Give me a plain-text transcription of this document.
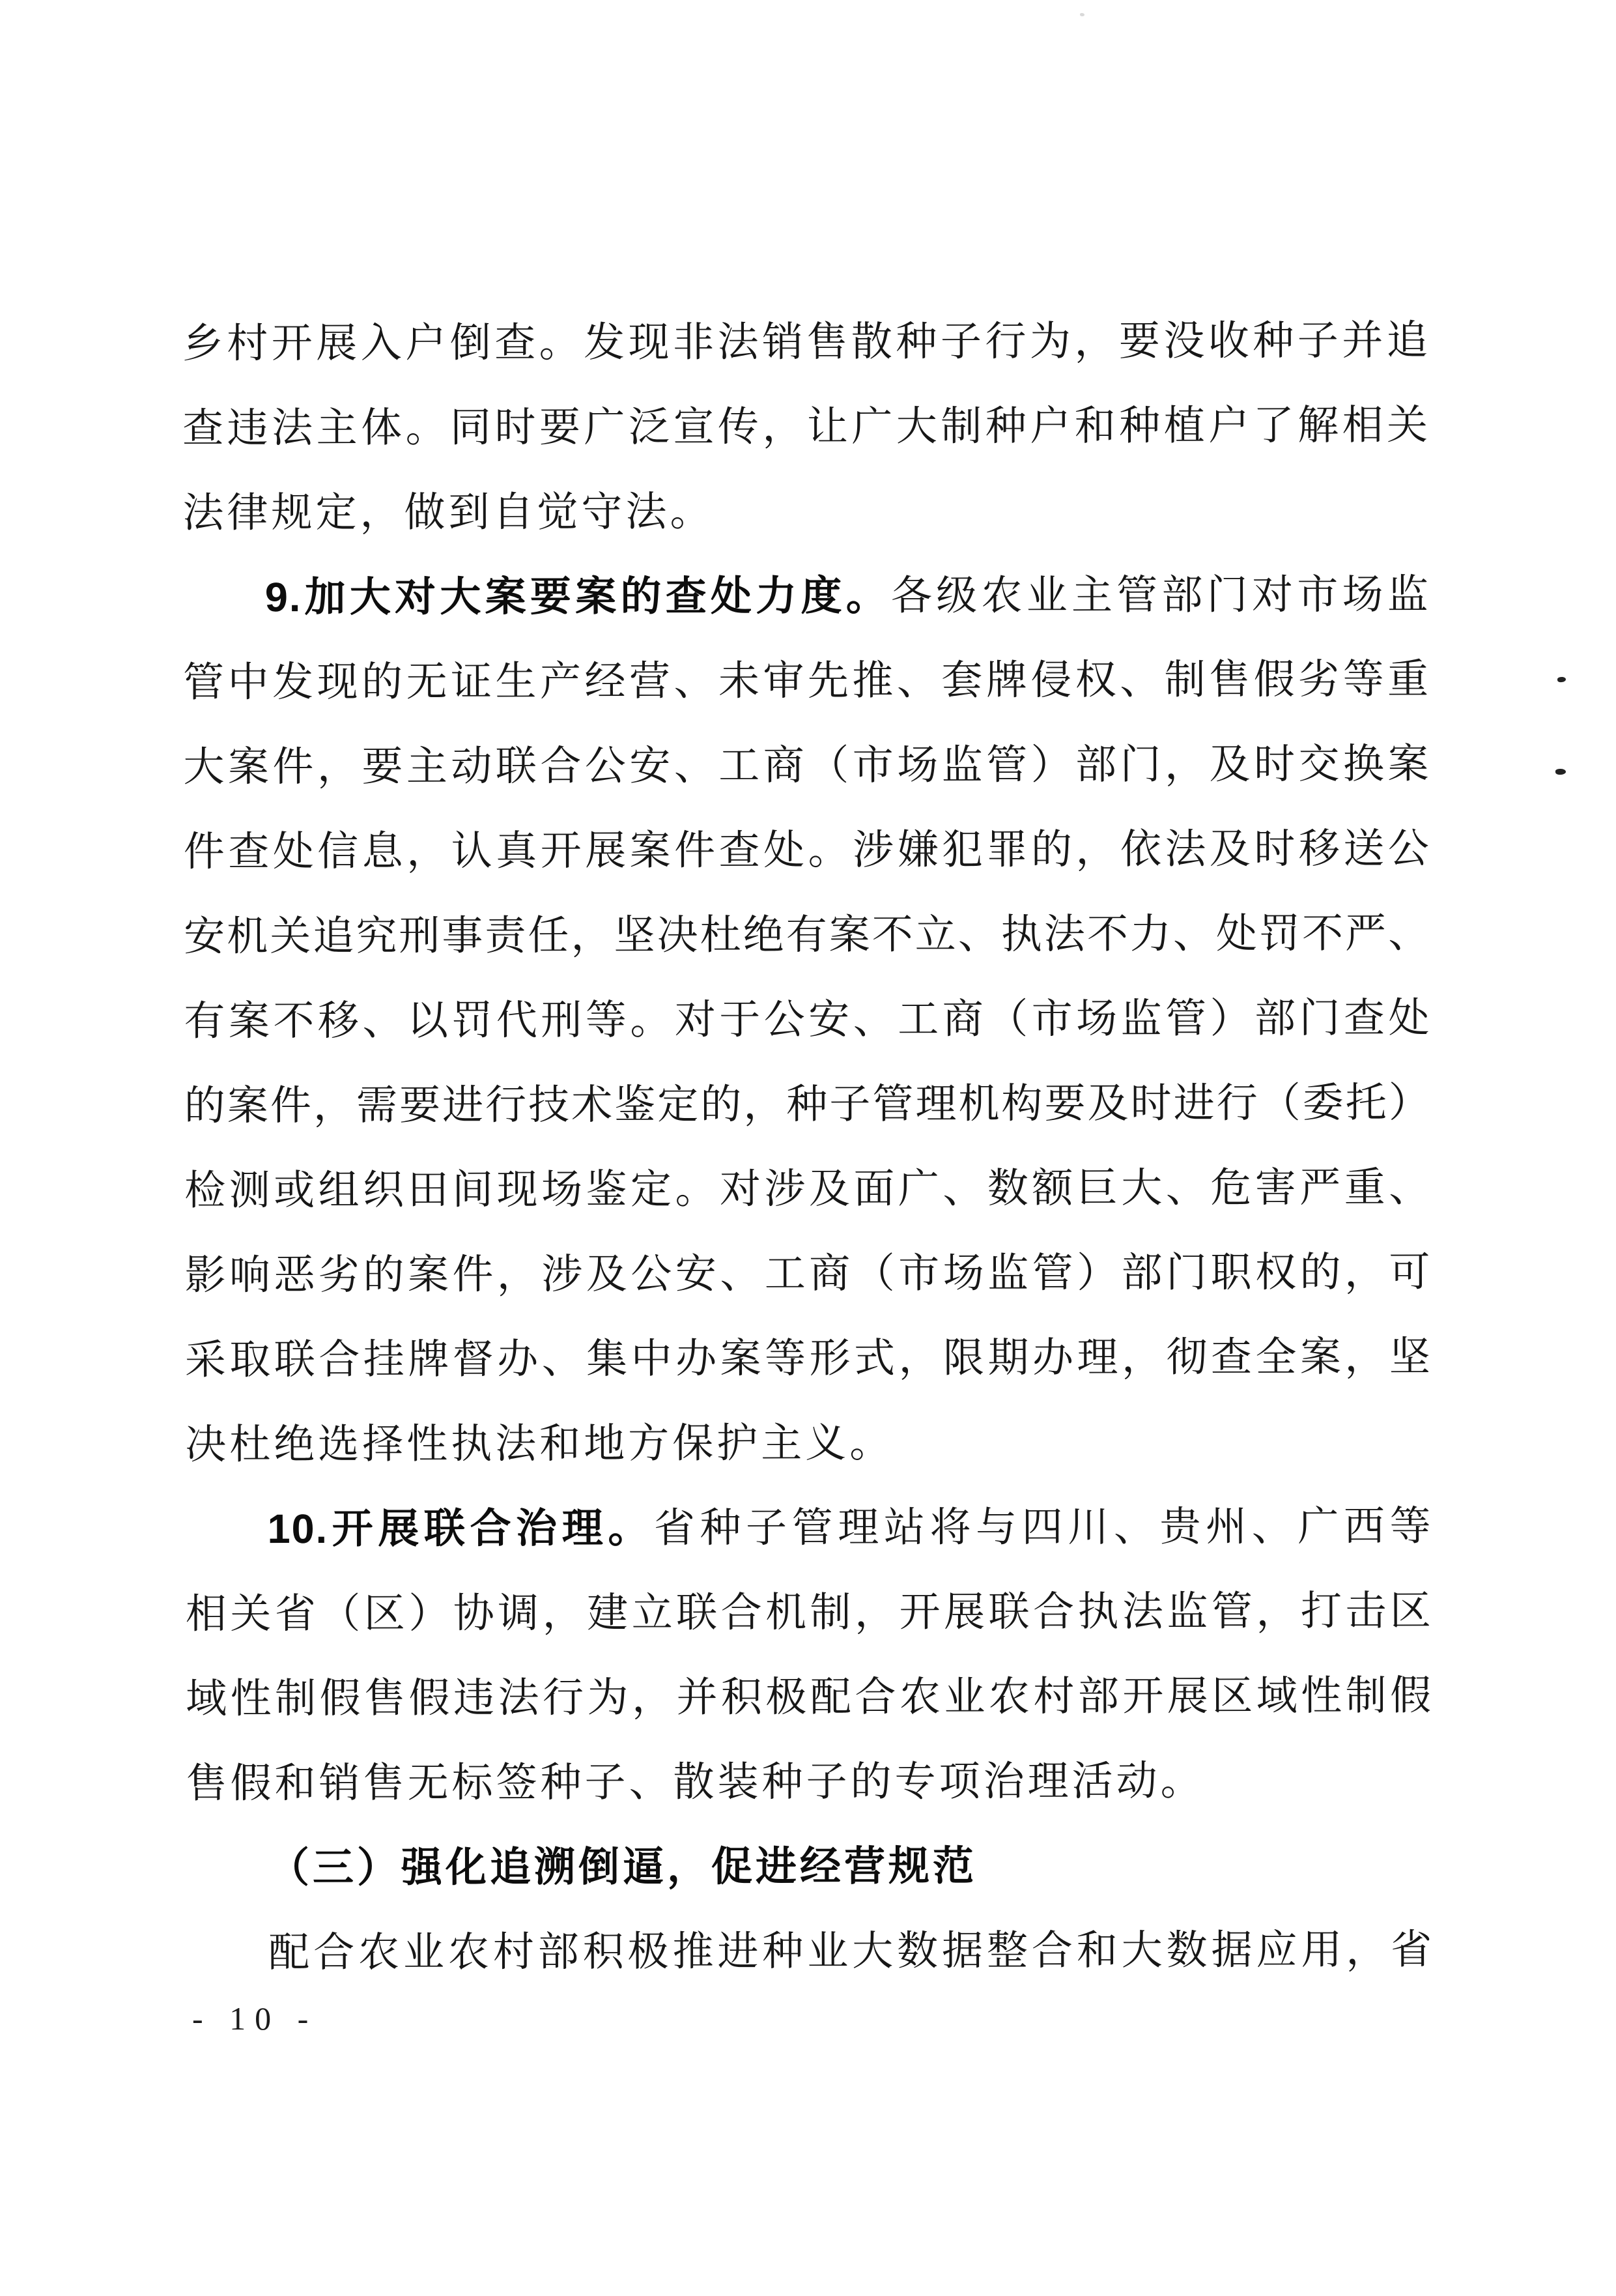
乡村开展入户倒查。发现非法销售散种子行为，要没收种子并追
查违法主体。同时要广泛宣传，让广大制种户和种植户了解相关
法律规定，做到自觉守法。
9.加大对大案要案的查处力度。各级农业主管部门对市场监
管中发现的无证生产经营、未审先推、套牌侵权、制售假劣等重
大案件，要主动联合公安、工商（市场监管）部门，及时交换案
件查处信息，认真开展案件查处。涉嫌犯罪的，依法及时移送公
安机关追究刑事责任，坚决杜绝有案不立、执法不力、处罚不严、
有案不移、以罚代刑等。对于公安、工商（市场监管）部门查处
的案件，需要进行技术鉴定的，种子管理机构要及时进行（委托）
检测或组织田间现场鉴定。对涉及面广、数额巨大、危害严重、
影响恶劣的案件，涉及公安、工商（市场监管）部门职权的，可
采取联合挂牌督办、集中办案等形式，限期办理，彻查全案，坚
决杜绝选择性执法和地方保护主义。
10.开展联合治理。省种子管理站将与四川、贵州、广西等
相关省（区）协调，建立联合机制，开展联合执法监管，打击区
域性制假售假违法行为，并积极配合农业农村部开展区域性制假
售假和销售无标签种子、散装种子的专项治理活动。
（三）强化追溯倒逼，促进经营规范
配合农业农村部积极推进种业大数据整合和大数据应用，省
- 10 -
